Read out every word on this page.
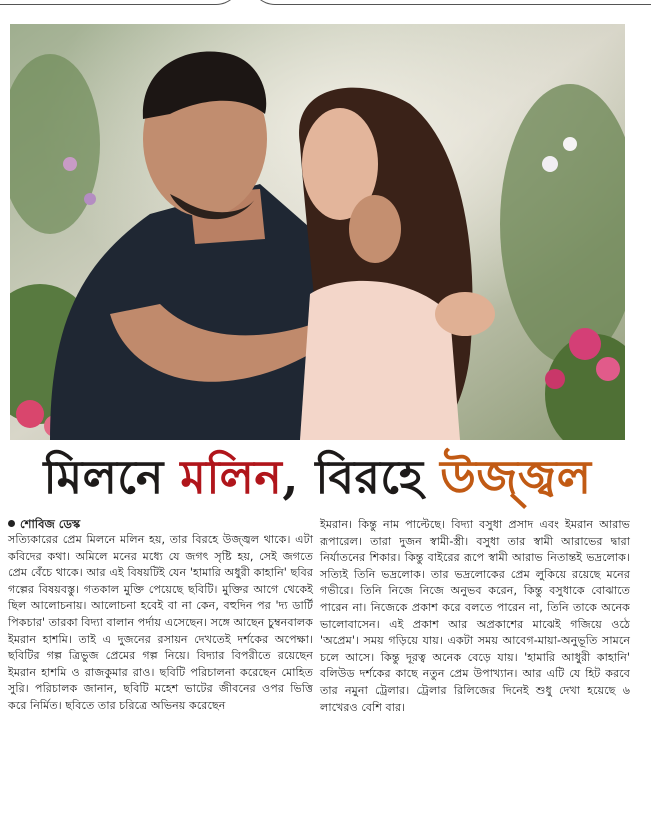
মিলনে মলিন, বিরহে উজ্জ্বল
শোবিজ ডেস্ক

সত্যিকারের প্রেম মিলনে মলিন হয়, তার বিরহে উজ্জ্বল থাকে। এটা কবিদের কথা। অমিলে মনের মধ্যে যে জগৎ সৃষ্টি হয়, সেই জগতে প্রেম বেঁচে থাকে। আর এই বিষয়টিই যেন 'হামারি অধুরী কাহানি' ছবির গল্পের বিষয়বস্তু। গতকাল মুক্তি পেয়েছে ছবিটি। মুক্তির আগে থেকেই ছিল আলোচনায়। আলোচনা হবেই বা না কেন, বহুদিন পর 'দ্য ডার্টি পিকচার' তারকা বিদ্যা বালান পর্দায় এসেছেন। সঙ্গে আছেন চুম্বনবালক ইমরান হাশমি। তাই এ দুজনের রসায়ন দেখতেই দর্শকের অপেক্ষা। ছবিটির গল্প ত্রিভুজ প্রেমের গল্প নিয়ে। বিদ্যার বিপরীতে রয়েছেন ইমরান হাশমি ও রাজকুমার রাও। ছবিটি পরিচালনা করেছেন মোহিত সুরি। পরিচালক জানান, ছবিটি মহেশ ভাটের জীবনের ওপর ভিত্তি করে নির্মিত। ছবিতে তার চরিত্রে অভিনয় করেছেন

ইমরান। কিন্তু নাম পাল্টেছে। বিদ্যা বসুধা প্রসাদ এবং ইমরান আরাভ রূপারেল। তারা দুজন স্বামী-স্ত্রী। বসুধা তার স্বামী আরাভের দ্বারা নির্যাতনের শিকার। কিন্তু বাইরের রূপে স্বামী আরাভ নিতান্তই ভদ্রলোক। সত্যিই তিনি ভদ্রলোক। তার ভদ্রলোকের প্রেম লুকিয়ে রয়েছে মনের গভীরে। তিনি নিজে নিজে অনুভব করেন, কিন্তু বসুধাকে বোঝাতে পারেন না। নিজেকে প্রকাশ করে বলতে পারেন না, তিনি তাকে অনেক ভালোবাসেন। এই প্রকাশ আর অপ্রকাশের মাঝেই গজিয়ে ওঠে 'অপ্রেম'। সময় গড়িয়ে যায়। একটা সময় আবেগ-মায়া-অনুভূতি সামনে চলে আসে। কিন্তু দূরত্ব অনেক বেড়ে যায়। 'হামারি আধুরী কাহানি' বলিউড দর্শকের কাছে নতুন প্রেম উপাখ্যান। আর এটি যে হিট করবে তার নমুনা ট্রেলার। ট্রেলার রিলিজের দিনেই শুধু দেখা হয়েছে ৬ লাখেরও বেশি বার।
